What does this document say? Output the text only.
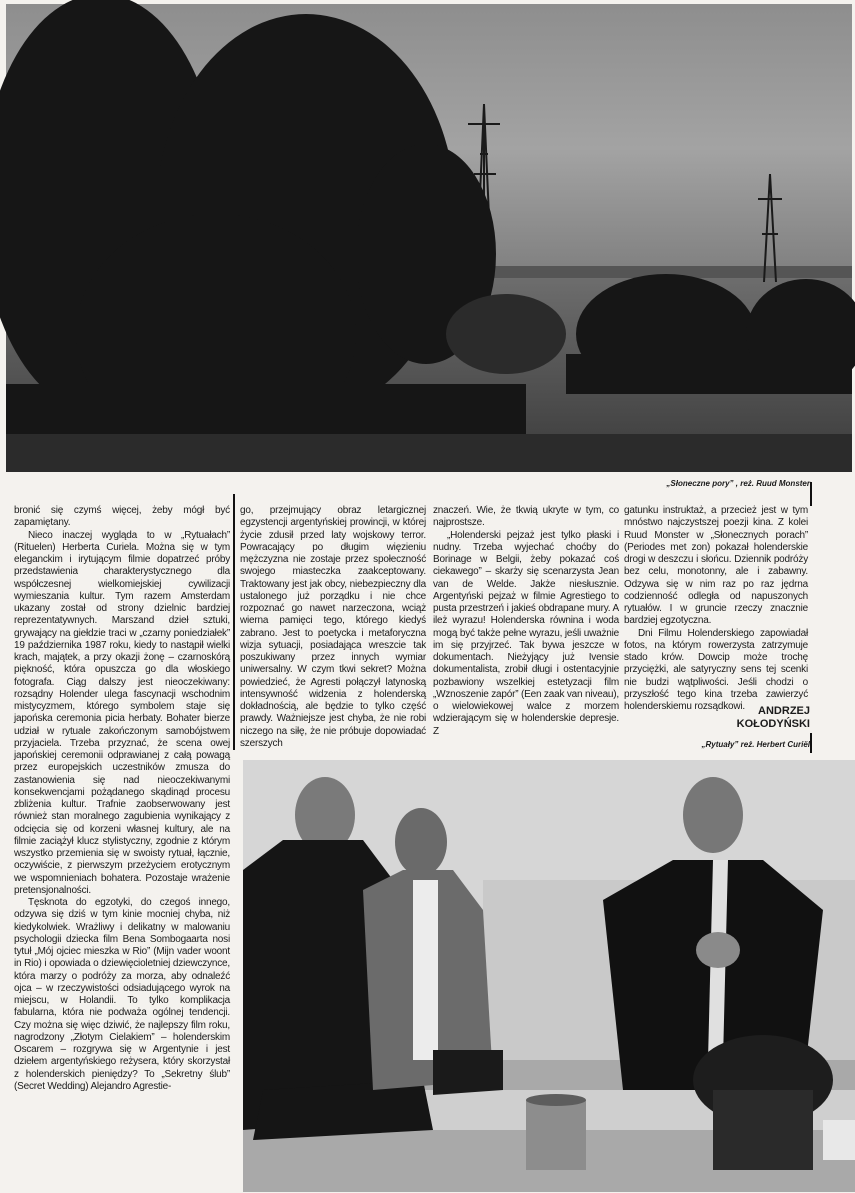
„Słoneczne pory” , reż. Ruud Monster

bronić się czymś więcej, żeby mógł być zapamiętany.

Nieco inaczej wygląda to w „Rytuałach” (Rituelen) Herberta Curiela. Można się w tym eleganckim i irytującym filmie dopatrzeć próby przedstawienia charakterystycznego dla współczesnej wielkomiejskiej cywilizacji wymieszania kultur. Tym razem Amsterdam ukazany został od strony dzielnic bardziej reprezentatywnych. Marszand dzieł sztuki, grywający na giełdzie traci w „czarny poniedziałek” 19 października 1987 roku, kiedy to nastąpił wielki krach, majątek, a przy okazji żonę – czarnoskórą piękność, która opuszcza go dla włoskiego fotografa. Ciąg dalszy jest nieoczekiwany: rozsądny Holender ulega fascynacji wschodnim mistycyzmem, którego symbolem staje się japońska ceremonia picia herbaty. Bohater bierze udział w rytuale zakończonym samobójstwem przyjaciela. Trzeba przyznać, że scena owej japońskiej ceremonii odprawianej z całą powagą przez europejskich uczestników zmusza do zastanowienia się nad nieoczekiwanymi konsekwencjami pożądanego skądinąd procesu zbliżenia kultur. Trafnie zaobserwowany jest również stan moralnego zagubienia wynikający z odcięcia się od korzeni własnej kultury, ale na filmie zaciążył klucz stylistyczny, zgodnie z którym wszystko przemienia się w swoisty rytuał, łącznie, oczywiście, z pierwszym przeżyciem erotycznym we wspomnieniach bohatera. Pozostaje wrażenie pretensjonalności.

Tęsknota do egzotyki, do czegoś innego, odzywa się dziś w tym kinie mocniej chyba, niż kiedykolwiek. Wrażliwy i delikatny w malowaniu psychologii dziecka film Bena Sombogaarta nosi tytuł „Mój ojciec mieszka w Rio” (Mijn vader woont in Rio) i opowiada o dziewięcioletniej dziewczynce, która marzy o podróży za morza, aby odnaleźć ojca – w rzeczywistości odsiadującego wyrok na miejscu, w Holandii. To tylko komplikacja fabularna, która nie podważa ogólnej tendencji. Czy można się więc dziwić, że najlepszy film roku, nagrodzony „Złotym Cielakiem” – holenderskim Oscarem – rozgrywa się w Argentynie i jest dziełem argentyńskiego reżysera, który skorzystał z holenderskich pieniędzy? To „Sekretny ślub” (Secret Wedding) Alejandro Agrestie-

go, przejmujący obraz letargicznej egzystencji argentyńskiej prowincji, w której życie zdusił przed laty wojskowy terror. Powracający po długim więzieniu mężczyzna nie zostaje przez społeczność swojego miasteczka zaakceptowany. Traktowany jest jak obcy, niebezpieczny dla ustalonego już porządku i nie chce rozpoznać go nawet narzeczona, wciąż wierna pamięci tego, którego kiedyś zabrano. Jest to poetycka i metaforyczna wizja sytuacji, posiadająca wreszcie tak poszukiwany przez innych wymiar uniwersalny. W czym tkwi sekret? Można powiedzieć, że Agresti połączył latynoską intensywność widzenia z holenderską dokładnością, ale będzie to tylko część prawdy. Ważniejsze jest chyba, że nie robi niczego na siłę, że nie próbuje dopowiadać szerszych

znaczeń. Wie, że tkwią ukryte w tym, co najprostsze.

„Holenderski pejzaż jest tylko płaski i nudny. Trzeba wyjechać choćby do Borinage w Belgii, żeby pokazać coś ciekawego” – skarży się scenarzysta Jean van de Welde. Jakże niesłusznie. Argentyński pejzaż w filmie Agrestiego to pusta przestrzeń i jakieś obdrapane mury. A ileż wyrazu! Holenderska równina i woda mogą być także pełne wyrazu, jeśli uważnie im się przyjrzeć. Tak bywa jeszcze w dokumentach. Nieżyjący już Ivensie dokumentalista, zrobił długi i ostentacyjnie pozbawiony wszelkiej estetyzacji film „Wznoszenie zapór” (Een zaak van niveau), o wielowiekowej walce z morzem wdzierającym się w holenderskie depresje. Z

gatunku instruktaż, a przecież jest w tym mnóstwo najczystszej poezji kina. Z kolei Ruud Monster w „Słonecznych porach” (Periodes met zon) pokazał holenderskie drogi w deszczu i słońcu. Dziennik podróży bez celu, monotonny, ale i zabawny. Odzywa się w nim raz po raz jędrna codzienność odległa od napuszonych rytuałów. I w gruncie rzeczy znacznie bardziej egzotyczna.

Dni Filmu Holenderskiego zapowiadał fotos, na którym rowerzysta zatrzymuje stado krów. Dowcip może trochę przyciężki, ale satyryczny sens tej scenki nie budzi wątpliwości. Jeśli chodzi o przyszłość tego kina trzeba zawierzyć holenderskiemu rozsądkowi.	ANDRZEJ
KOŁODYŃSKI
„Rytuały” reż. Herbert Curiël
